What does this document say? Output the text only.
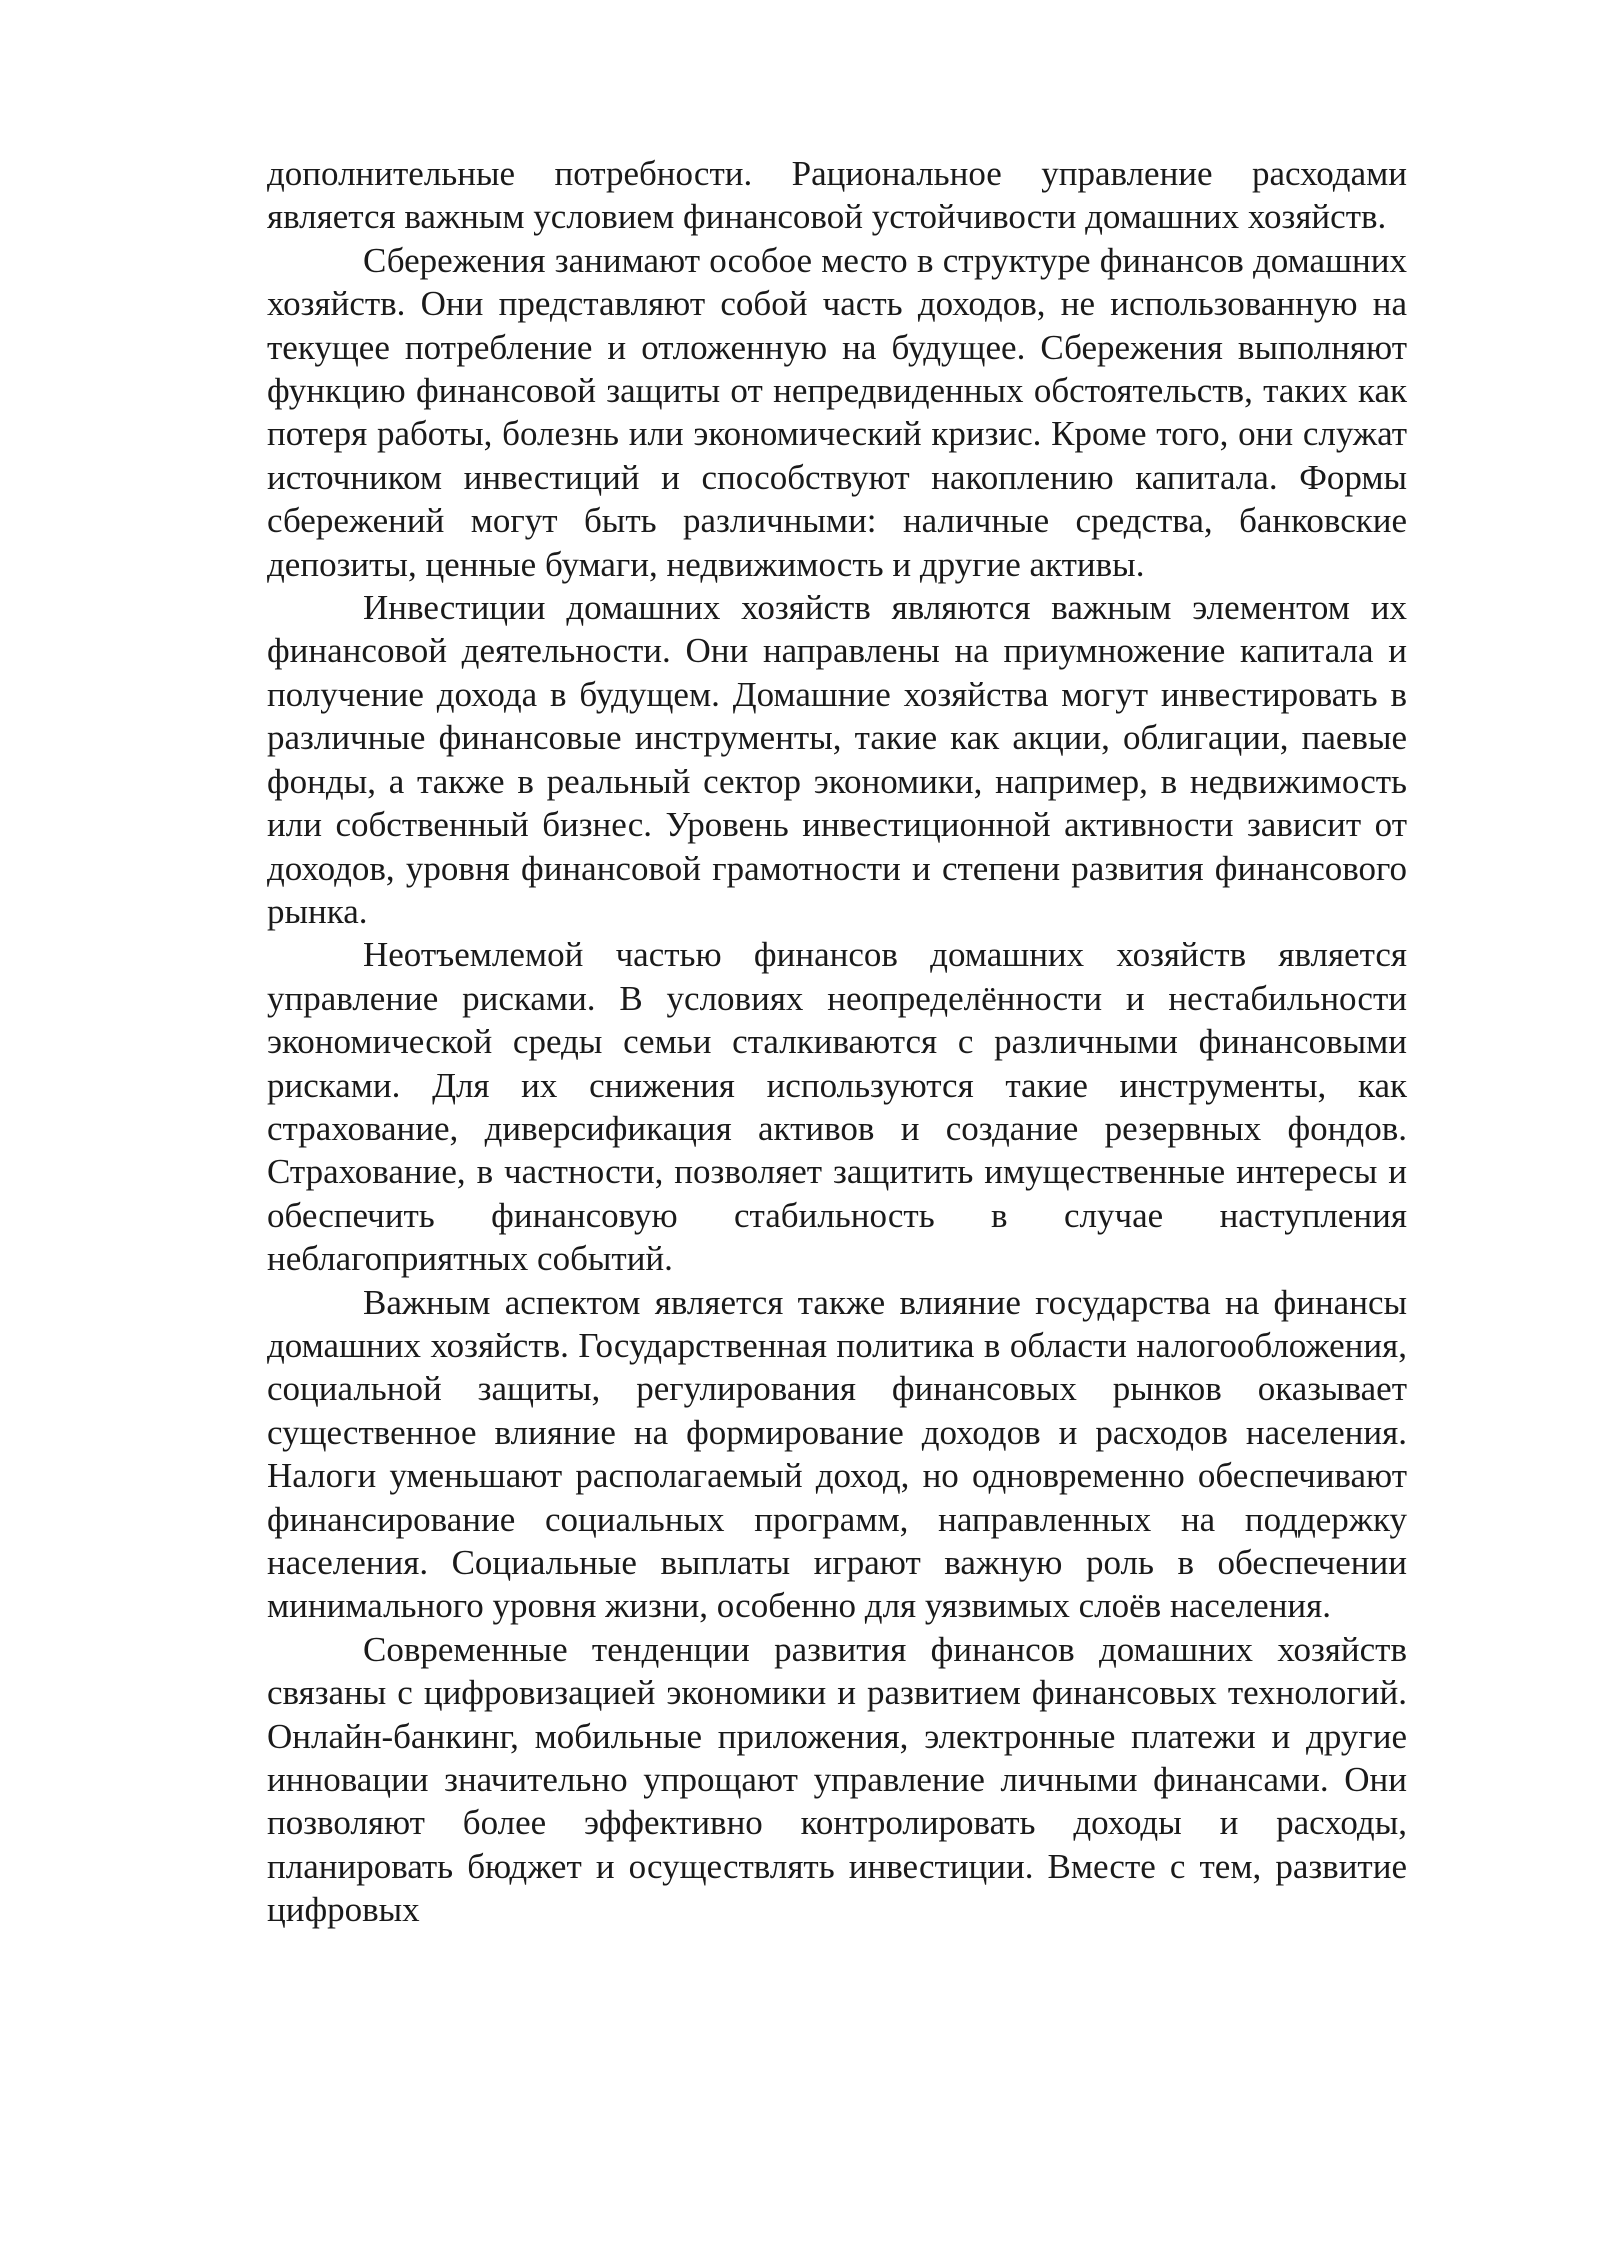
дополнительные потребности. Рациональное управление расходами является важным условием финансовой устойчивости домашних хозяйств.

Сбережения занимают особое место в структуре финансов домашних хозяйств. Они представляют собой часть доходов, не использованную на текущее потребление и отложенную на будущее. Сбережения выполняют функцию финансовой защиты от непредвиденных обстоятельств, таких как потеря работы, болезнь или экономический кризис. Кроме того, они служат источником инвестиций и способствуют накоплению капитала. Формы сбережений могут быть различными: наличные средства, банковские депозиты, ценные бумаги, недвижимость и другие активы.

Инвестиции домашних хозяйств являются важным элементом их финансовой деятельности. Они направлены на приумножение капитала и получение дохода в будущем. Домашние хозяйства могут инвестировать в различные финансовые инструменты, такие как акции, облигации, паевые фонды, а также в реальный сектор экономики, например, в недвижимость или собственный бизнес. Уровень инвестиционной активности зависит от доходов, уровня финансовой грамотности и степени развития финансового рынка.

Неотъемлемой частью финансов домашних хозяйств является управление рисками. В условиях неопределённости и нестабильности экономической среды семьи сталкиваются с различными финансовыми рисками. Для их снижения используются такие инструменты, как страхование, диверсификация активов и создание резервных фондов. Страхование, в частности, позволяет защитить имущественные интересы и обеспечить финансовую стабильность в случае наступления неблагоприятных событий.

Важным аспектом является также влияние государства на финансы домашних хозяйств. Государственная политика в области налогообложения, социальной защиты, регулирования финансовых рынков оказывает существенное влияние на формирование доходов и расходов населения. Налоги уменьшают располагаемый доход, но одновременно обеспечивают финансирование социальных программ, направленных на поддержку населения. Социальные выплаты играют важную роль в обеспечении минимального уровня жизни, особенно для уязвимых слоёв населения.

Современные тенденции развития финансов домашних хозяйств связаны с цифровизацией экономики и развитием финансовых технологий. Онлайн-банкинг, мобильные приложения, электронные платежи и другие инновации значительно упрощают управление личными финансами. Они позволяют более эффективно контролировать доходы и расходы, планировать бюджет и осуществлять инвестиции. Вместе с тем, развитие цифровых
